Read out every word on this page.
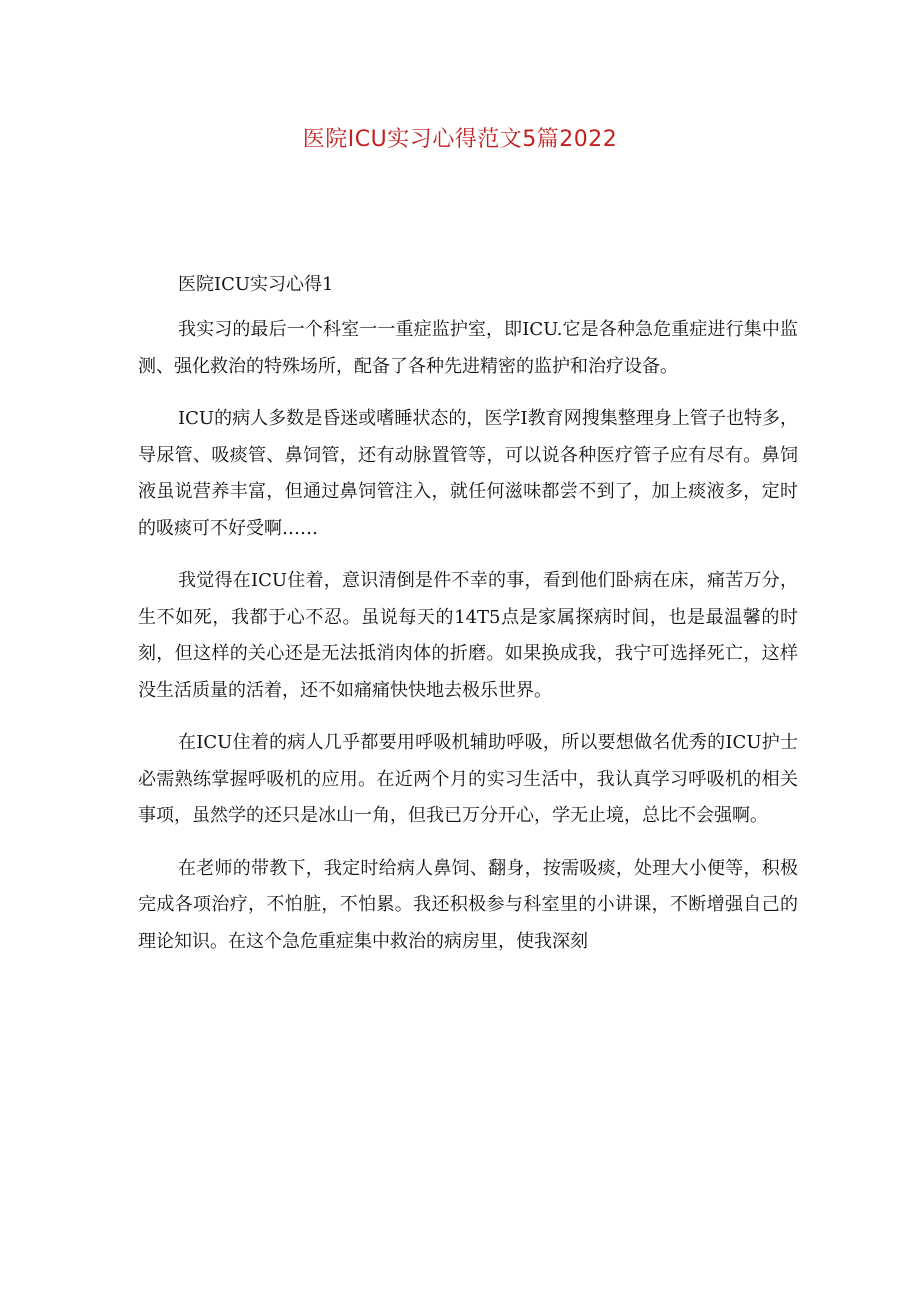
医院ICU实习心得范文5篇2022
医院ICU实习心得1

我实习的最后一个科室一一重症监护室，即ICU.它是各种急危重症进行集中监测、强化救治的特殊场所，配备了各种先进精密的监护和治疗设备。

ICU的病人多数是昏迷或嗜睡状态的，医学I教育网搜集整理身上管子也特多，导尿管、吸痰管、鼻饲管，还有动脉置管等，可以说各种医疗管子应有尽有。鼻饲液虽说营养丰富，但通过鼻饲管注入，就任何滋味都尝不到了，加上痰液多，定时的吸痰可不好受啊……

我觉得在ICU住着，意识清倒是件不幸的事，看到他们卧病在床，痛苦万分，生不如死，我都于心不忍。虽说每天的14T5点是家属探病时间，也是最温馨的时刻，但这样的关心还是无法抵消肉体的折磨。如果换成我，我宁可选择死亡，这样没生活质量的活着，还不如痛痛快快地去极乐世界。

在ICU住着的病人几乎都要用呼吸机辅助呼吸，所以要想做名优秀的ICU护士必需熟练掌握呼吸机的应用。在近两个月的实习生活中，我认真学习呼吸机的相关事项，虽然学的还只是冰山一角，但我已万分开心，学无止境，总比不会强啊。

在老师的带教下，我定时给病人鼻饲、翻身，按需吸痰，处理大小便等，积极完成各项治疗，不怕脏，不怕累。我还积极参与科室里的小讲课，不断增强自己的理论知识。在这个急危重症集中救治的病房里，使我深刻
